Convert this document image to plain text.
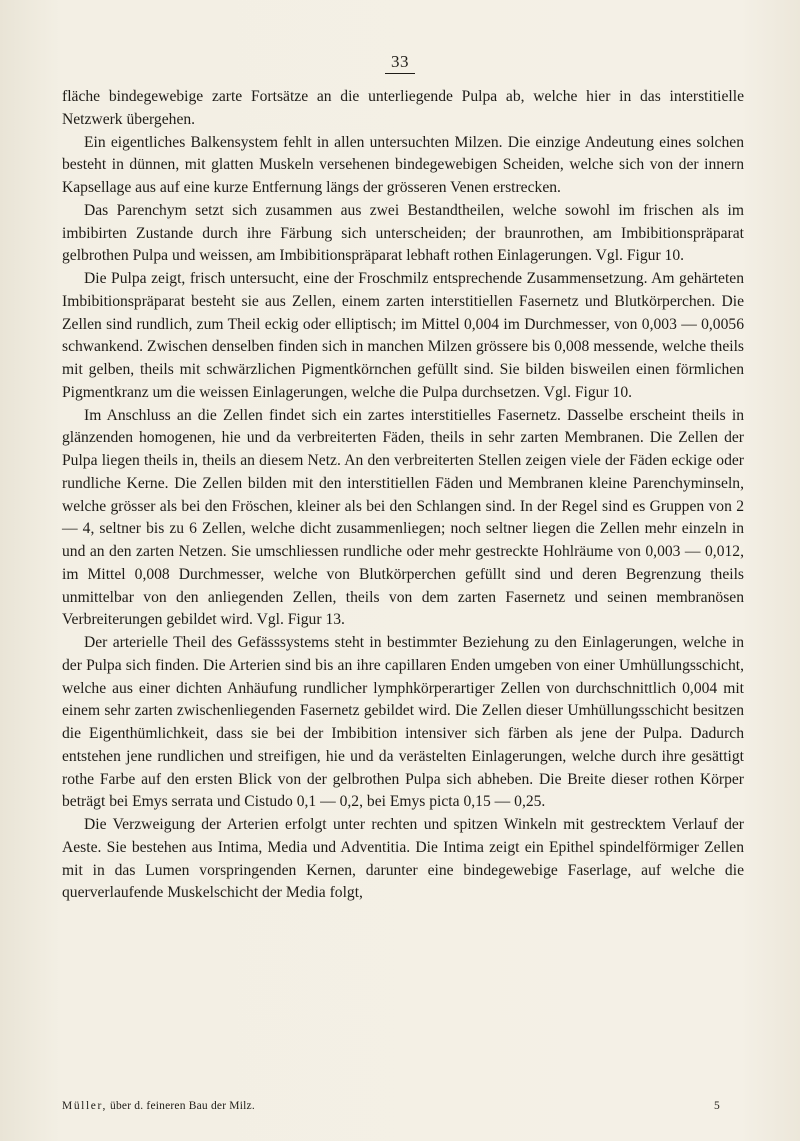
33

fläche bindegewebige zarte Fortsätze an die unterliegende Pulpa ab, welche hier in das interstitielle Netzwerk übergehen.

Ein eigentliches Balkensystem fehlt in allen untersuchten Milzen. Die einzige Andeutung eines solchen besteht in dünnen, mit glatten Muskeln versehenen bindegewebigen Scheiden, welche sich von der innern Kapsellage aus auf eine kurze Entfernung längs der grösseren Venen erstrecken.

Das Parenchym setzt sich zusammen aus zwei Bestandtheilen, welche sowohl im frischen als im imbibirten Zustande durch ihre Färbung sich unterscheiden; der braunrothen, am Imbibitionspräparat gelbrothen Pulpa und weissen, am Imbibitionspräparat lebhaft rothen Einlagerungen. Vgl. Figur 10.

Die Pulpa zeigt, frisch untersucht, eine der Froschmilz entsprechende Zusammensetzung. Am gehärteten Imbibitionspräparat besteht sie aus Zellen, einem zarten interstitiellen Fasernetz und Blutkörperchen. Die Zellen sind rundlich, zum Theil eckig oder elliptisch; im Mittel 0,004 im Durchmesser, von 0,003 — 0,0056 schwankend. Zwischen denselben finden sich in manchen Milzen grössere bis 0,008 messende, welche theils mit gelben, theils mit schwärzlichen Pigmentkörnchen gefüllt sind. Sie bilden bisweilen einen förmlichen Pigmentkranz um die weissen Einlagerungen, welche die Pulpa durchsetzen. Vgl. Figur 10.

Im Anschluss an die Zellen findet sich ein zartes interstitielles Fasernetz. Dasselbe erscheint theils in glänzenden homogenen, hie und da verbreiterten Fäden, theils in sehr zarten Membranen. Die Zellen der Pulpa liegen theils in, theils an diesem Netz. An den verbreiterten Stellen zeigen viele der Fäden eckige oder rundliche Kerne. Die Zellen bilden mit den interstitiellen Fäden und Membranen kleine Parenchyminseln, welche grösser als bei den Fröschen, kleiner als bei den Schlangen sind. In der Regel sind es Gruppen von 2 — 4, seltner bis zu 6 Zellen, welche dicht zusammenliegen; noch seltner liegen die Zellen mehr einzeln in und an den zarten Netzen. Sie umschliessen rundliche oder mehr gestreckte Hohlräume von 0,003 — 0,012, im Mittel 0,008 Durchmesser, welche von Blutkörperchen gefüllt sind und deren Begrenzung theils unmittelbar von den anliegenden Zellen, theils von dem zarten Fasernetz und seinen membranösen Verbreiterungen gebildet wird. Vgl. Figur 13.

Der arterielle Theil des Gefässsystems steht in bestimmter Beziehung zu den Einlagerungen, welche in der Pulpa sich finden. Die Arterien sind bis an ihre capillaren Enden umgeben von einer Umhüllungsschicht, welche aus einer dichten Anhäufung rundlicher lymphkörperartiger Zellen von durchschnittlich 0,004 mit einem sehr zarten zwischenliegenden Fasernetz gebildet wird. Die Zellen dieser Umhüllungsschicht besitzen die Eigenthümlichkeit, dass sie bei der Imbibition intensiver sich färben als jene der Pulpa. Dadurch entstehen jene rundlichen und streifigen, hie und da verästelten Einlagerungen, welche durch ihre gesättigt rothe Farbe auf den ersten Blick von der gelbrothen Pulpa sich abheben. Die Breite dieser rothen Körper beträgt bei Emys serrata und Cistudo 0,1 — 0,2, bei Emys picta 0,15 — 0,25.

Die Verzweigung der Arterien erfolgt unter rechten und spitzen Winkeln mit gestrecktem Verlauf der Aeste. Sie bestehen aus Intima, Media und Adventitia. Die Intima zeigt ein Epithel spindelförmiger Zellen mit in das Lumen vorspringenden Kernen, darunter eine bindegewebige Faserlage, auf welche die querverlaufende Muskelschicht der Media folgt,

Müller, über d. feineren Bau der Milz.	5
